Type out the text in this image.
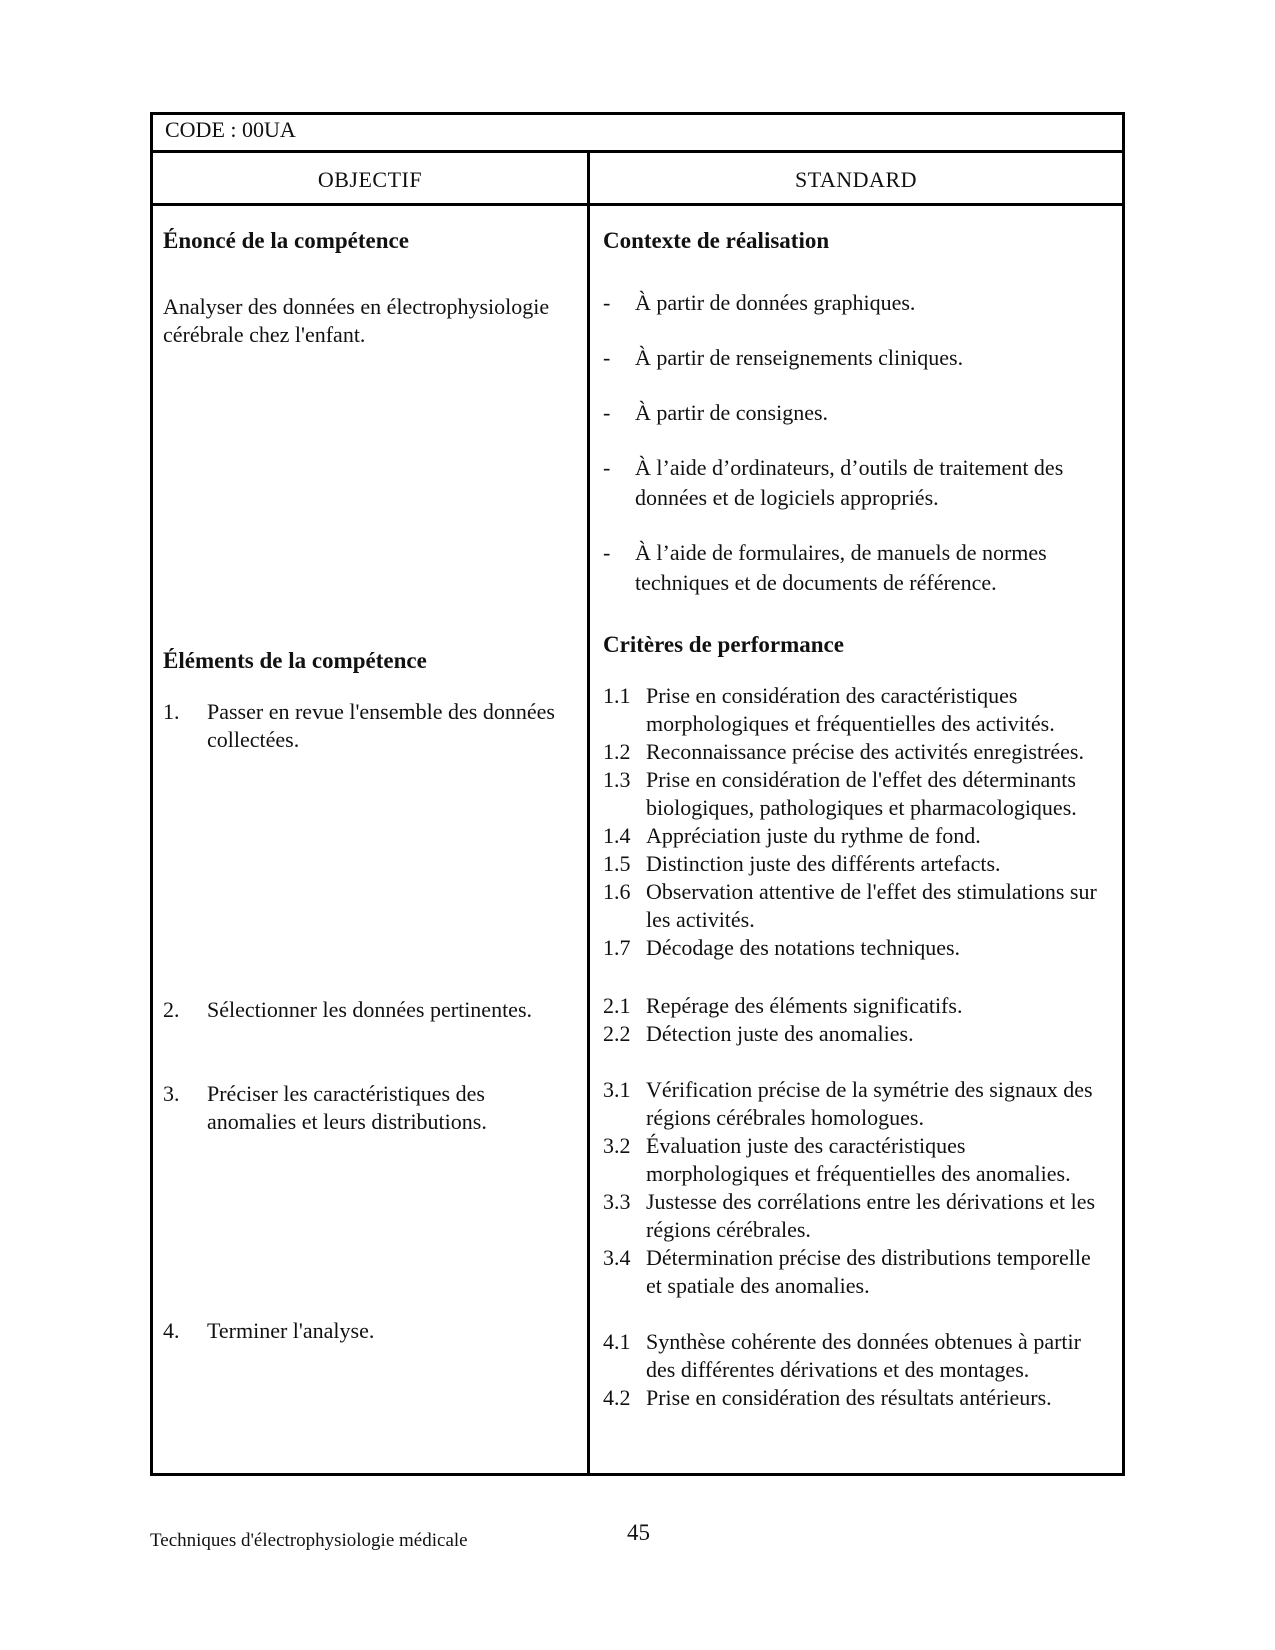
CODE : 00UA
OBJECTIF	STANDARD
Énoncé de la compétence

Analyser des données en électrophysiologie cérébrale chez l'enfant.

Éléments de la compétence
1.	Passer en revue l'ensemble des données collectées.
2.	Sélectionner les données pertinentes.
3.	Préciser les caractéristiques des anomalies et leurs distributions.
4.	Terminer l'analyse.
Contexte de réalisation
-	À partir de données graphiques.
-	À partir de renseignements cliniques.
-	À partir de consignes.
-	À l’aide d’ordinateurs, d’outils de traitement des données et de logiciels appropriés.
-	À l’aide de formulaires, de manuels de normes techniques et de documents de référence.
Critères de performance
1.1 Prise en considération des caractéristiques morphologiques et fréquentielles des activités.
1.2 Reconnaissance précise des activités enregistrées.
1.3 Prise en considération de l'effet des déterminants biologiques, pathologiques et pharmacologiques.
1.4 Appréciation juste du rythme de fond.
1.5 Distinction juste des différents artefacts.
1.6 Observation attentive de l'effet des stimulations sur les activités.
1.7 Décodage des notations techniques.
2.1 Repérage des éléments significatifs.
2.2 Détection juste des anomalies.
3.1 Vérification précise de la symétrie des signaux des régions cérébrales homologues.
3.2 Évaluation juste des caractéristiques morphologiques et fréquentielles des anomalies.
3.3 Justesse des corrélations entre les dérivations et les régions cérébrales.
3.4 Détermination précise des distributions temporelle et spatiale des anomalies.
4.1 Synthèse cohérente des données obtenues à partir des différentes dérivations et des montages.
4.2 Prise en considération des résultats antérieurs.
Techniques d'électrophysiologie médicale	45
